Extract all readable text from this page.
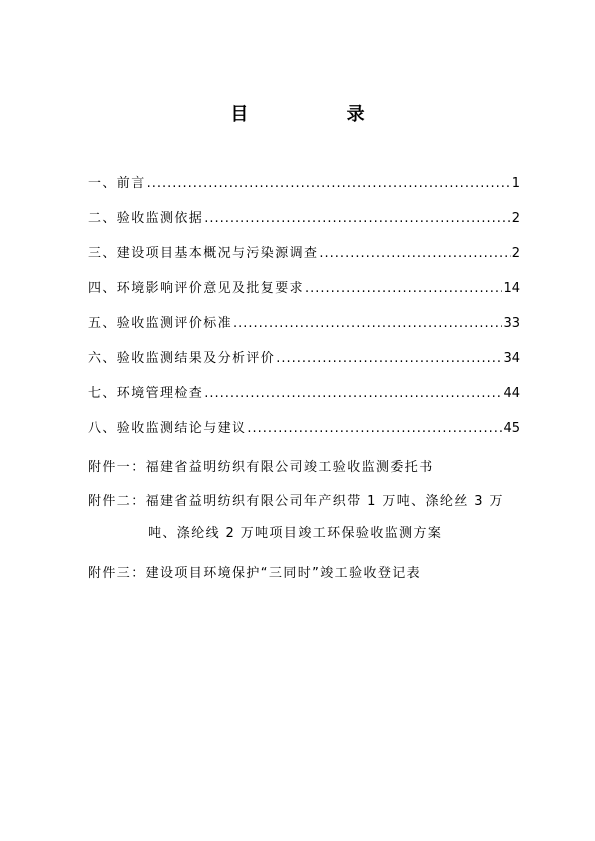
目 录
一、前言 .....	1
二、验收监测依据 .....	2
三、建设项目基本概况与污染源调查 .....	2
四、环境影响评价意见及批复要求 .....	14
五、验收监测评价标准 .....	33
六、验收监测结果及分析评价 .....	34
七、环境管理检查 .....	44
八、验收监测结论与建议 .....	45
附件一： 福建省益明纺织有限公司竣工验收监测委托书
附件二： 福建省益明纺织有限公司年产织带 1 万吨、涤纶丝 3 万
吨、涤纶线 2 万吨项目竣工环保验收监测方案
附件三： 建设项目环境保护“三同时”竣工验收登记表
